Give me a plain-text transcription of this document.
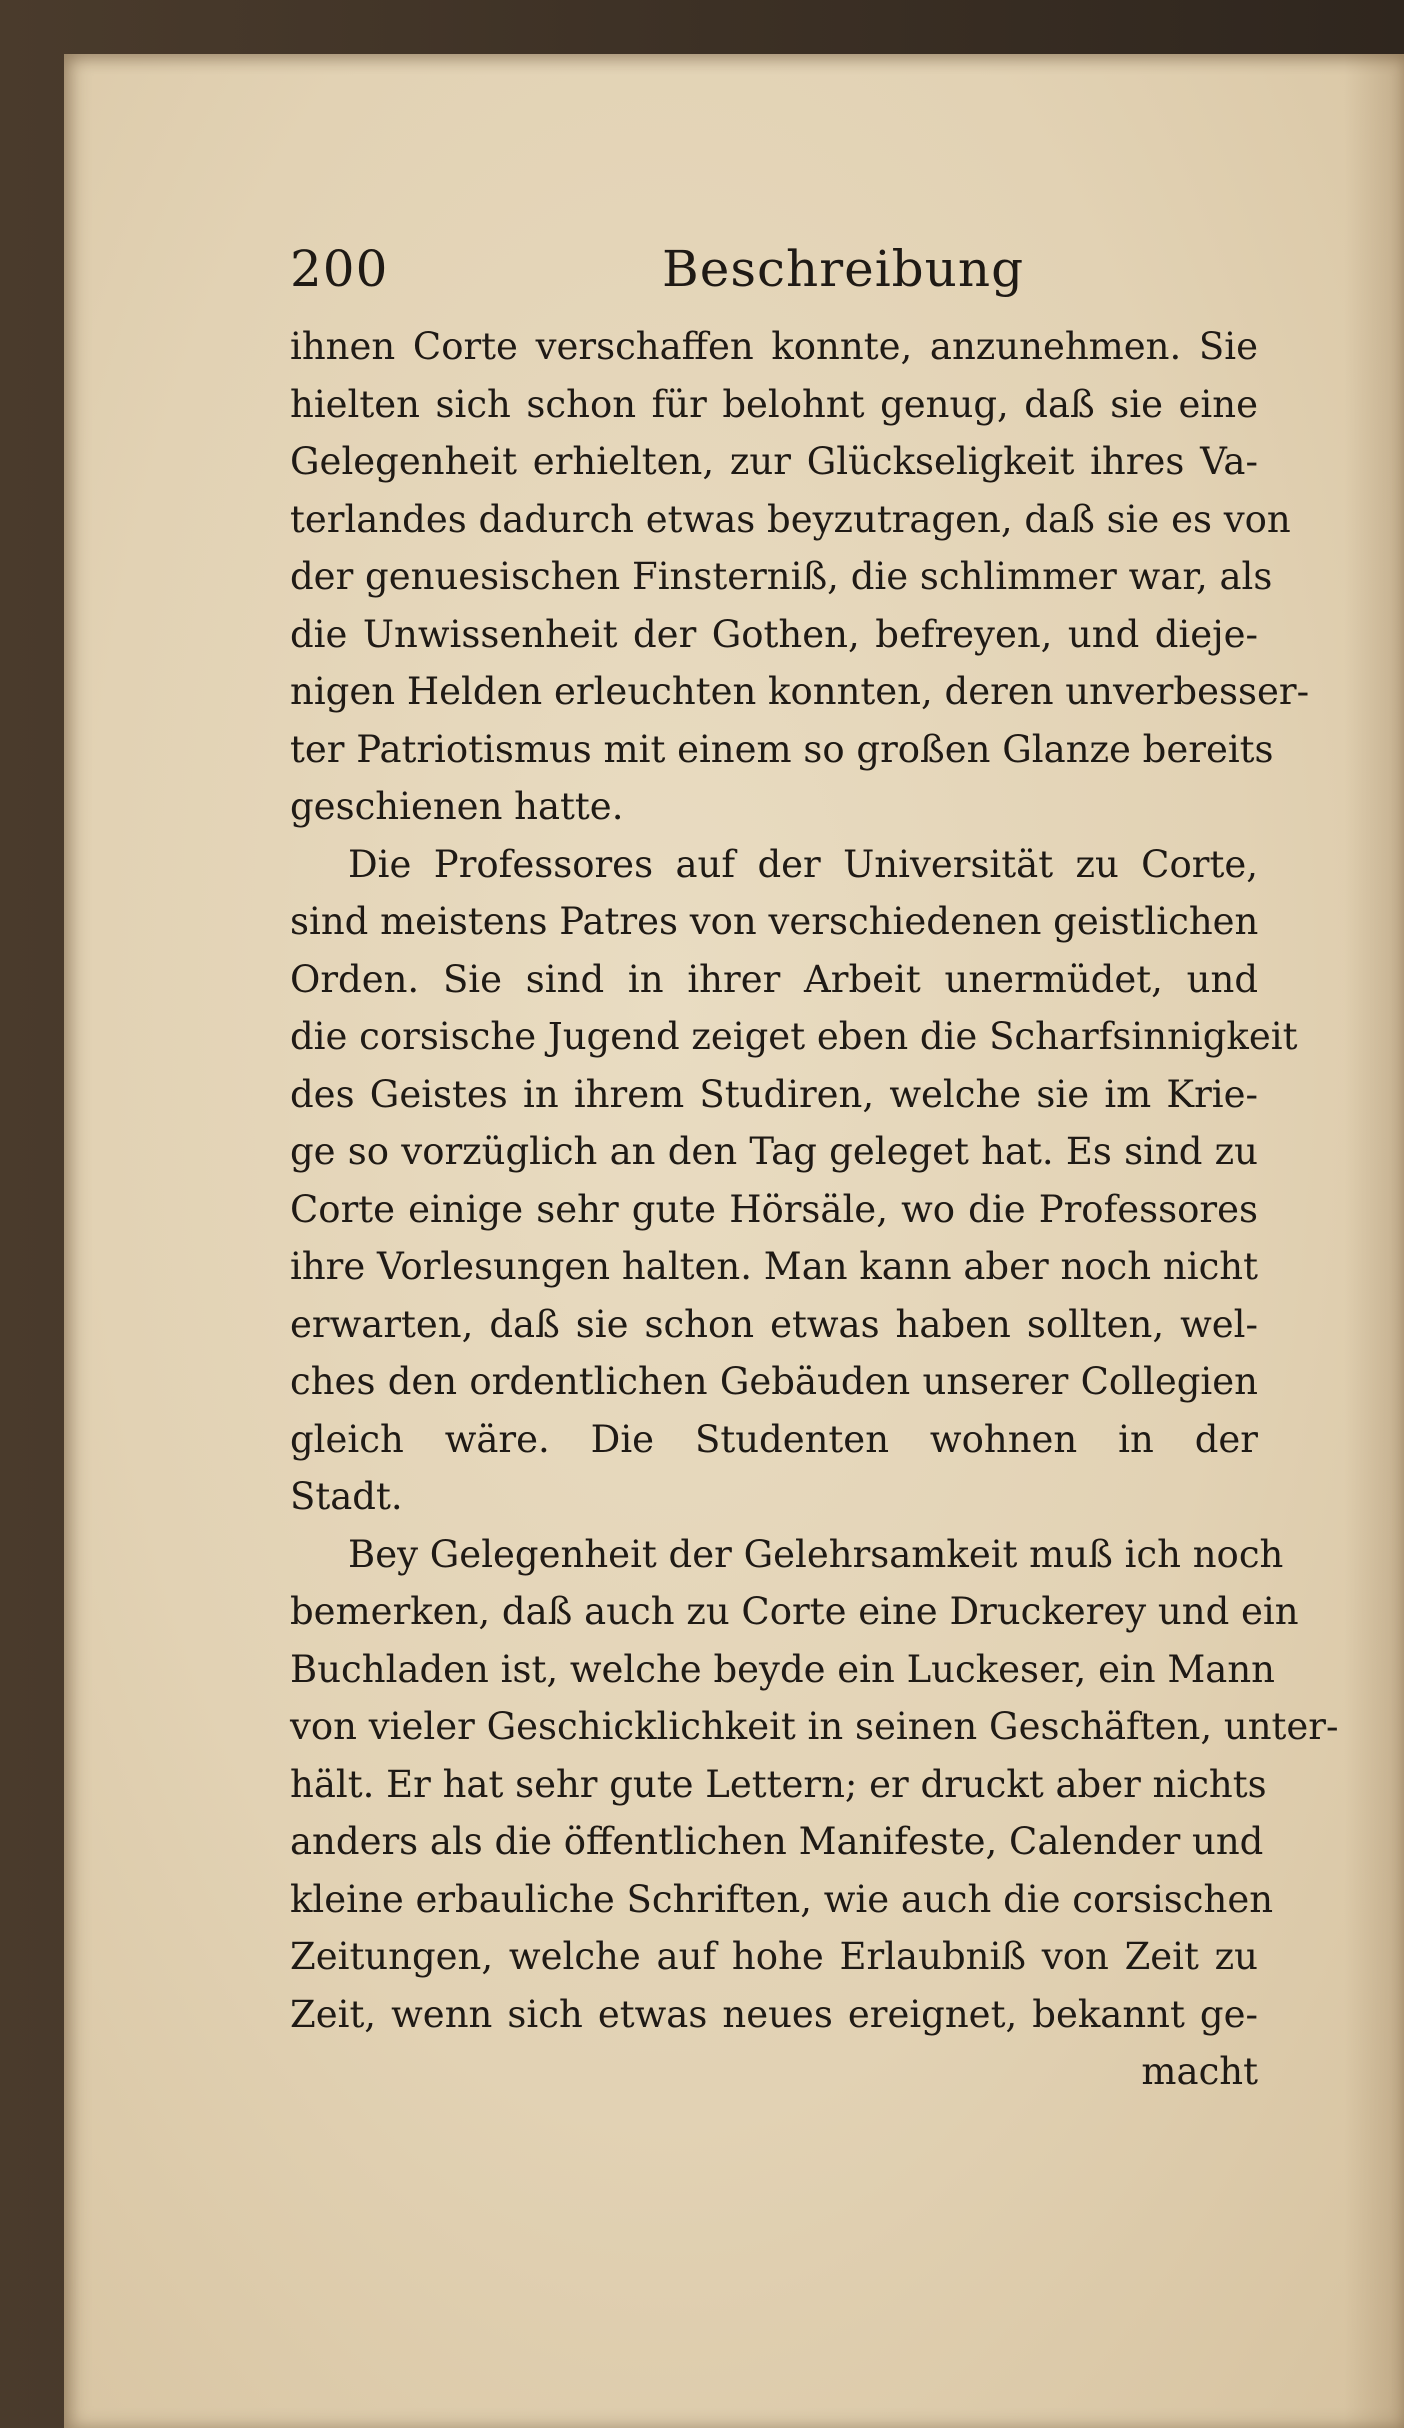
200	Beschreibung
ihnen Corte verschaffen konnte, anzunehmen. Sie
hielten sich schon für belohnt genug, daß sie eine
Gelegenheit erhielten, zur Glückseligkeit ihres Va-
terlandes dadurch etwas beyzutragen, daß sie es von
der genuesischen Finsterniß, die schlimmer war, als
die Unwissenheit der Gothen, befreyen, und dieje-
nigen Helden erleuchten konnten, deren unverbesser-
ter Patriotismus mit einem so großen Glanze bereits
geschienen hatte.
Die Professores auf der Universität zu Corte,
sind meistens Patres von verschiedenen geistlichen
Orden. Sie sind in ihrer Arbeit unermüdet, und
die corsische Jugend zeiget eben die Scharfsinnigkeit
des Geistes in ihrem Studiren, welche sie im Krie-
ge so vorzüglich an den Tag geleget hat. Es sind zu
Corte einige sehr gute Hörsäle, wo die Professores
ihre Vorlesungen halten. Man kann aber noch nicht
erwarten, daß sie schon etwas haben sollten, wel-
ches den ordentlichen Gebäuden unserer Collegien
gleich wäre. Die Studenten wohnen in der
Stadt.
Bey Gelegenheit der Gelehrsamkeit muß ich noch
bemerken, daß auch zu Corte eine Druckerey und ein
Buchladen ist, welche beyde ein Luckeser, ein Mann
von vieler Geschicklichkeit in seinen Geschäften, unter-
hält. Er hat sehr gute Lettern; er druckt aber nichts
anders als die öffentlichen Manifeste, Calender und
kleine erbauliche Schriften, wie auch die corsischen
Zeitungen, welche auf hohe Erlaubniß von Zeit zu
Zeit, wenn sich etwas neues ereignet, bekannt ge-
macht
